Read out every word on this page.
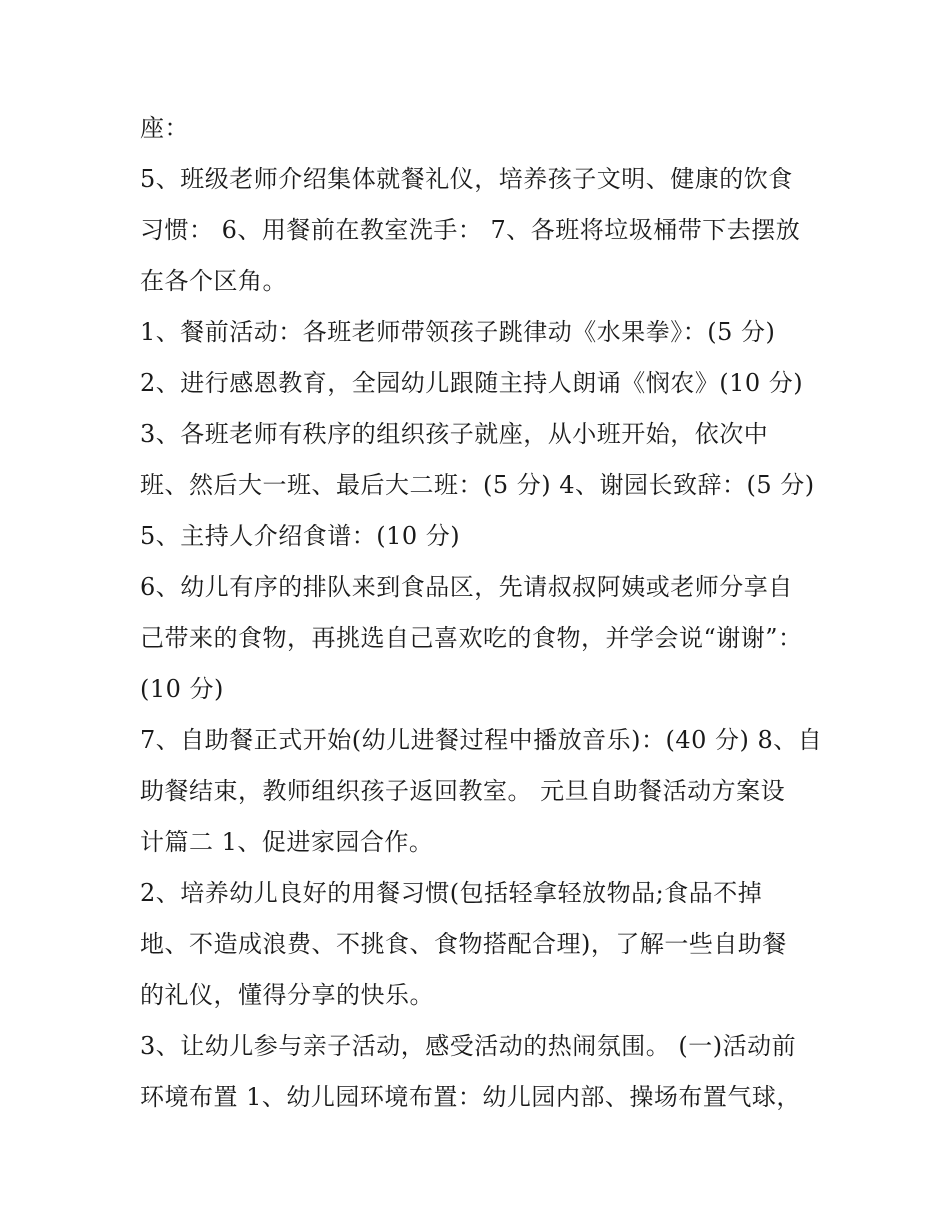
座：
5、班级老师介绍集体就餐礼仪，培养孩子文明、健康的饮食
习惯： 6、用餐前在教室洗手： 7、各班将垃圾桶带下去摆放
在各个区角。
1、餐前活动：各班老师带领孩子跳律动《水果拳》：(5 分)
2、进行感恩教育，全园幼儿跟随主持人朗诵《悯农》(10 分)
3、各班老师有秩序的组织孩子就座，从小班开始，依次中
班、然后大一班、最后大二班：(5 分) 4、谢园长致辞：(5 分)
5、主持人介绍食谱：(10 分)
6、幼儿有序的排队来到食品区，先请叔叔阿姨或老师分享自
己带来的食物，再挑选自己喜欢吃的食物，并学会说“谢谢”：
(10 分)
7、自助餐正式开始(幼儿进餐过程中播放音乐)：(40 分) 8、自
助餐结束，教师组织孩子返回教室。 元旦自助餐活动方案设
计篇二 1、促进家园合作。
2、培养幼儿良好的用餐习惯(包括轻拿轻放物品;食品不掉
地、不造成浪费、不挑食、食物搭配合理)，了解一些自助餐
的礼仪，懂得分享的快乐。
3、让幼儿参与亲子活动，感受活动的热闹氛围。 (一)活动前
环境布置 1、幼儿园环境布置：幼儿园内部、操场布置气球，
